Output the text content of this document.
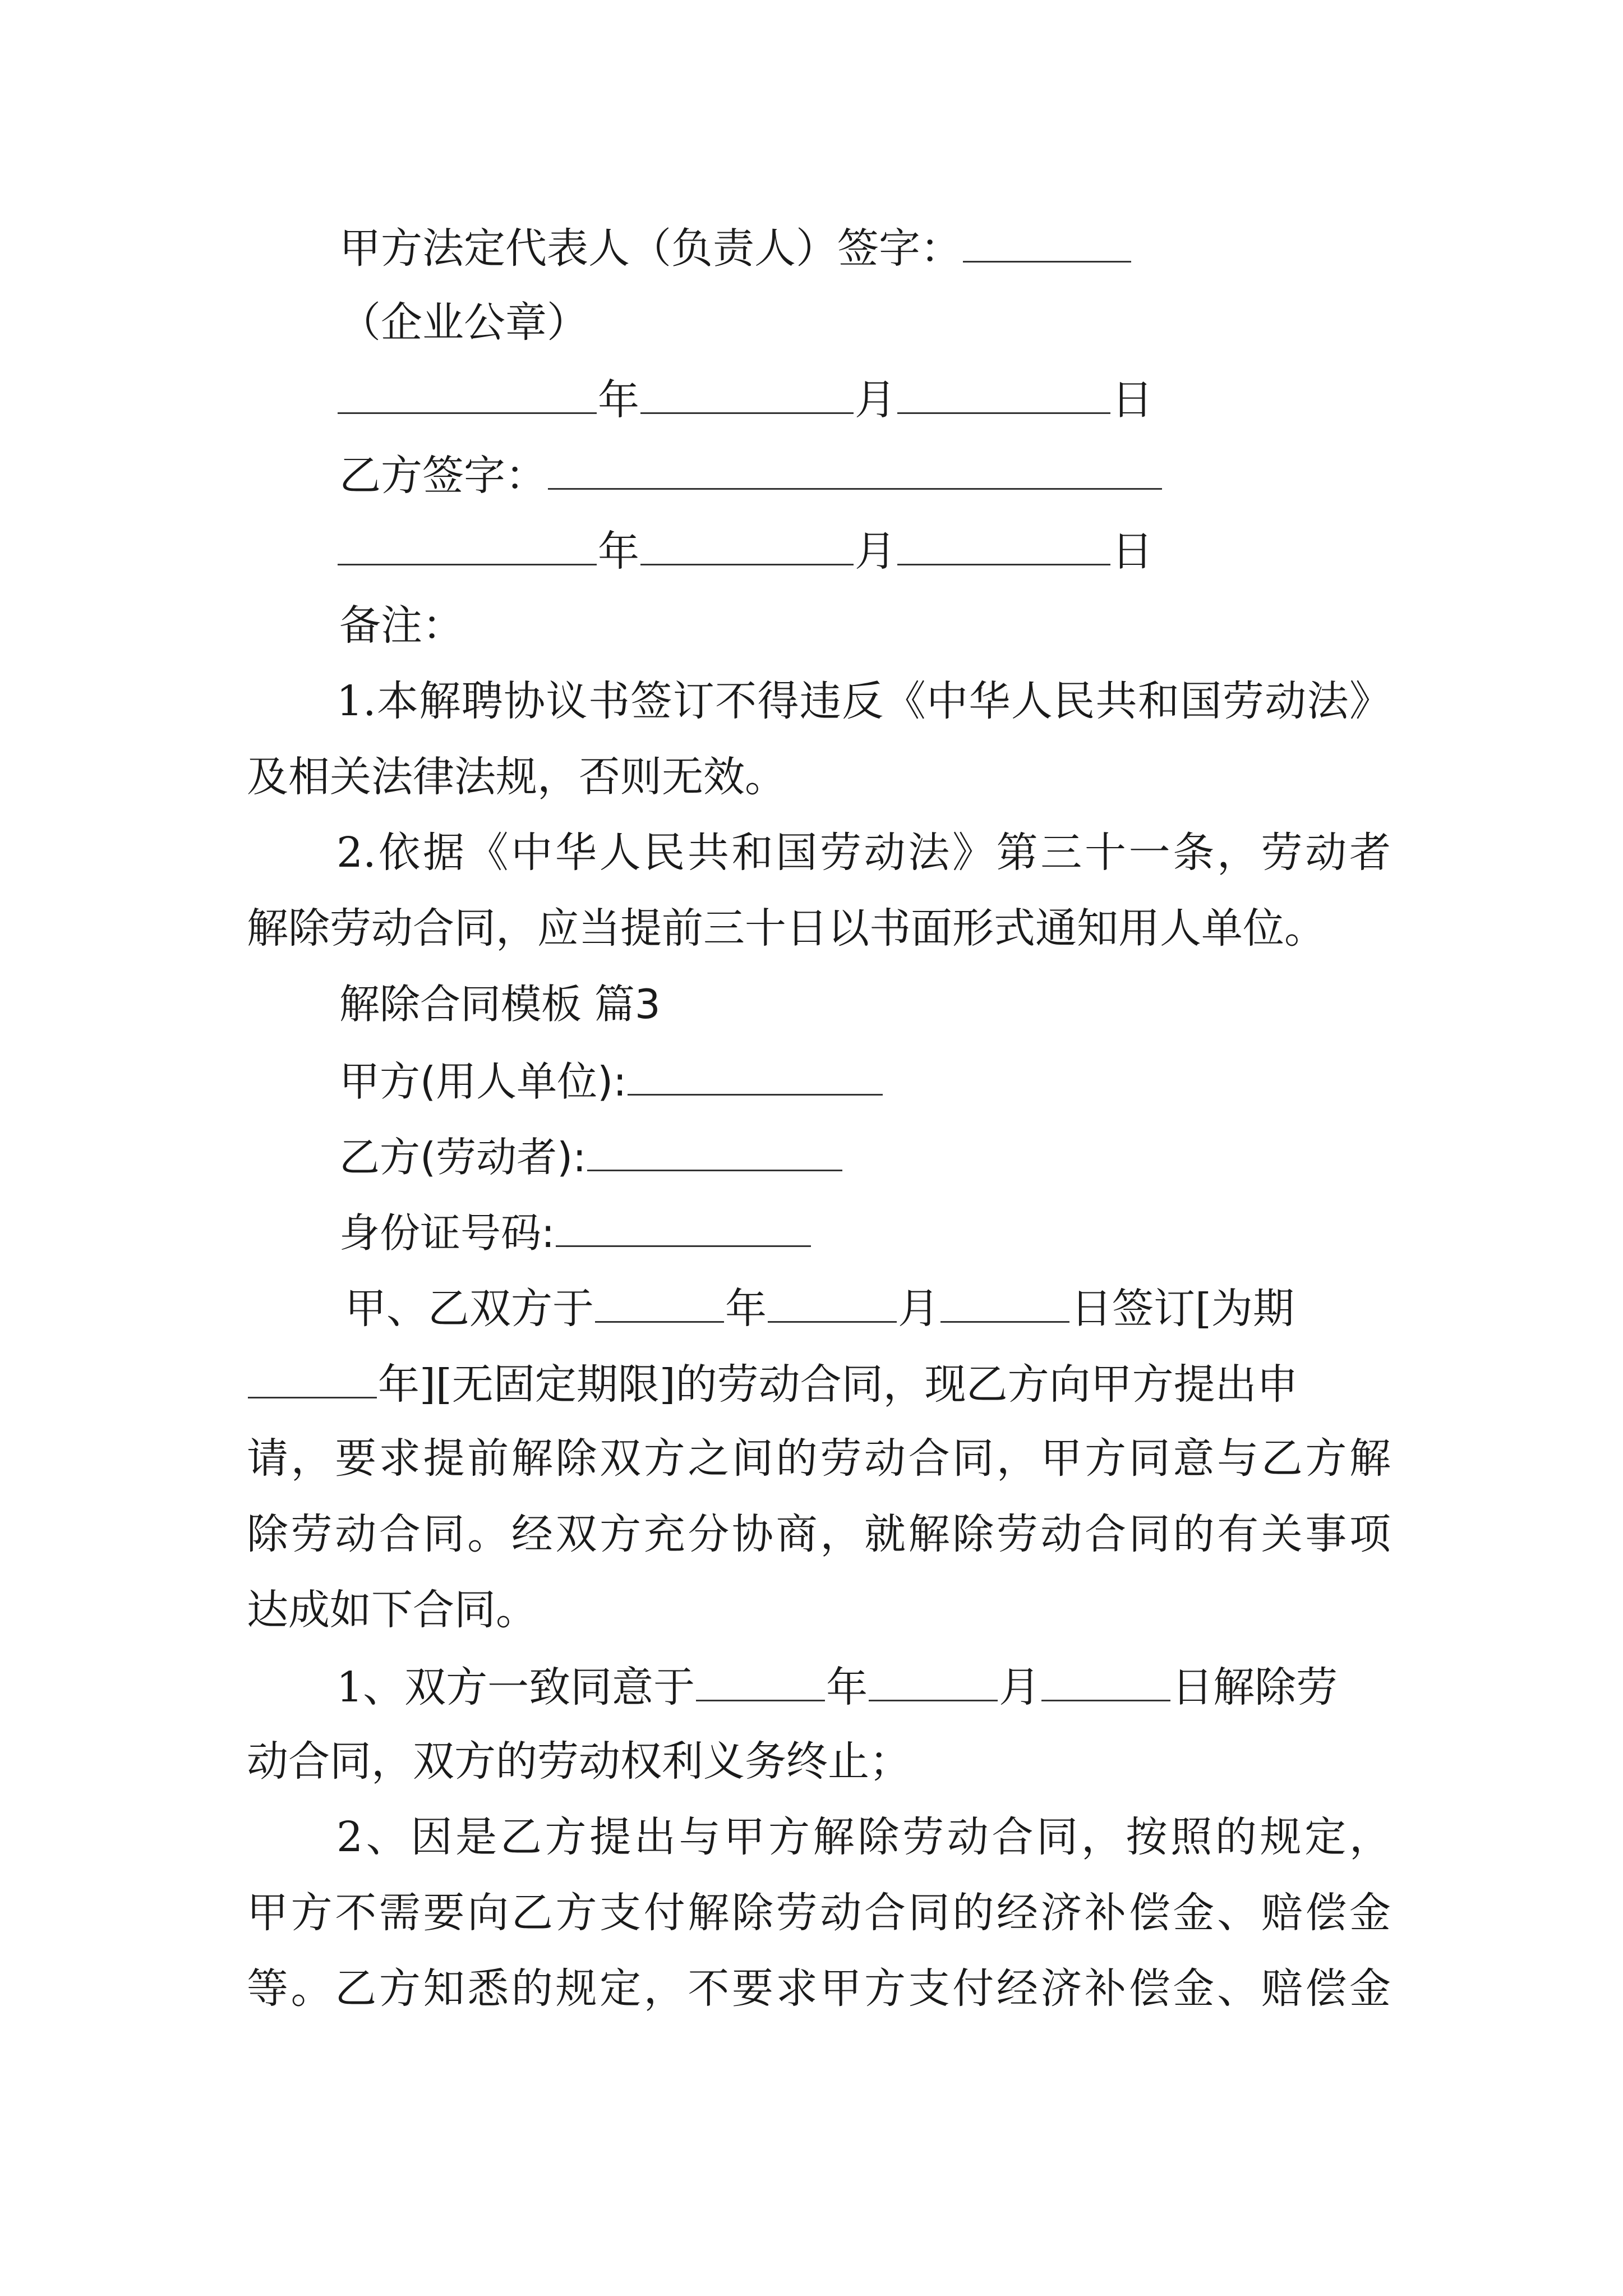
甲方法定代表人（负责人）签字：
（企业公章）
年	月	日
乙方签字：
年	月	日
备注：
1.本解聘协议书签订不得违反《中华人民共和国劳动法》
及相关法律法规，否则无效。
2.依据《中华人民共和国劳动法》第三十一条，劳动者
解除劳动合同，应当提前三十日以书面形式通知用人单位。
解除合同模板 篇3
甲方(用人单位):
乙方(劳动者):
身份证号码:
甲、乙双方于	年	月	日签订[为期
年][无固定期限]的劳动合同，现乙方向甲方提出申
请，要求提前解除双方之间的劳动合同，甲方同意与乙方解
除劳动合同。经双方充分协商，就解除劳动合同的有关事项
达成如下合同。
1、双方一致同意于	年	月	日解除劳
动合同，双方的劳动权利义务终止；
2、因是乙方提出与甲方解除劳动合同，按照的规定，
甲方不需要向乙方支付解除劳动合同的经济补偿金、赔偿金
等。乙方知悉的规定，不要求甲方支付经济补偿金、赔偿金
